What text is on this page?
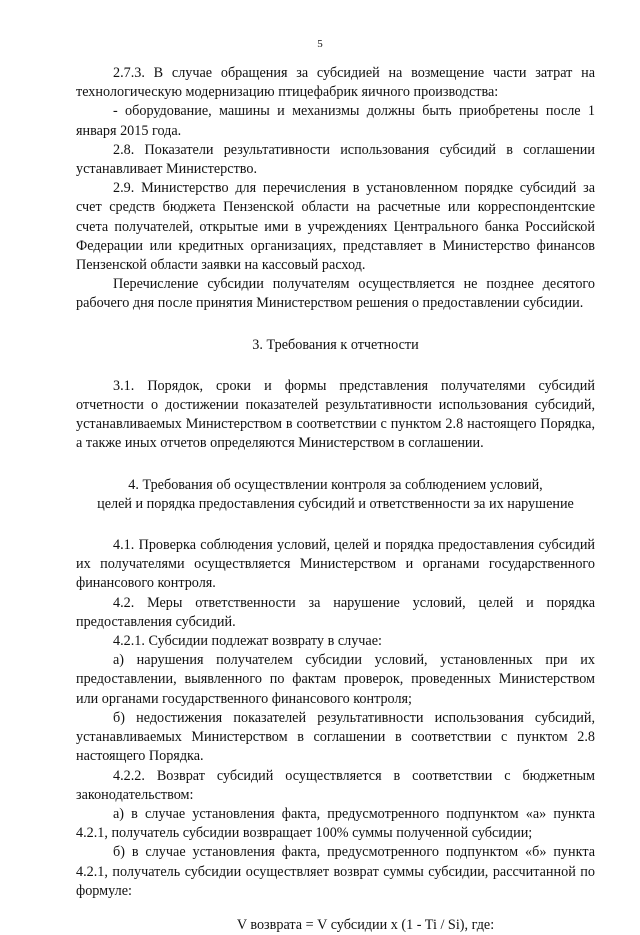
5

2.7.3. В случае обращения за субсидией на возмещение части затрат на технологическую модернизацию птицефабрик яичного производства:

- оборудование, машины и механизмы должны быть приобретены после 1 января 2015 года.

2.8. Показатели результативности использования субсидий в соглашении устанавливает Министерство.

2.9. Министерство для перечисления в установленном порядке субсидий за счет средств бюджета Пензенской области на расчетные или корреспондентские счета получателей, открытые ими в учреждениях Центрального банка Российской Федерации или кредитных организациях, представляет в Министерство финансов Пензенской области заявки на кассовый расход.

Перечисление субсидии получателям осуществляется не позднее десятого рабочего дня после принятия Министерством решения о предоставлении субсидии.

3. Требования к отчетности

3.1. Порядок, сроки и формы представления получателями субсидий отчетности о достижении показателей результативности использования субсидий, устанавливаемых Министерством в соответствии с пунктом 2.8 настоящего Порядка, а также иных отчетов определяются Министерством в соглашении.

4. Требования об осуществлении контроля за соблюдением условий,

целей и порядка предоставления субсидий и ответственности за их нарушение

4.1. Проверка соблюдения условий, целей и порядка предоставления субсидий их получателями осуществляется Министерством и органами государственного финансового контроля.

4.2. Меры ответственности за нарушение условий, целей и порядка предоставления субсидий.

4.2.1. Субсидии подлежат возврату в случае:

а) нарушения получателем субсидии условий, установленных при их предоставлении, выявленного по фактам проверок, проведенных Министерством или органами государственного финансового контроля;

б) недостижения показателей результативности использования субсидий, устанавливаемых Министерством в соглашении в соответствии с пунктом 2.8 настоящего Порядка.

4.2.2. Возврат субсидий осуществляется в соответствии с бюджетным законодательством:

а) в случае установления факта, предусмотренного подпунктом «а» пункта 4.2.1, получатель субсидии возвращает 100% суммы полученной субсидии;

б) в случае установления факта, предусмотренного подпунктом «б» пункта 4.2.1, получатель субсидии осуществляет возврат суммы субсидии, рассчитанной по формуле:

V возврата = V субсидии x (1 - Ti / Si), где:
